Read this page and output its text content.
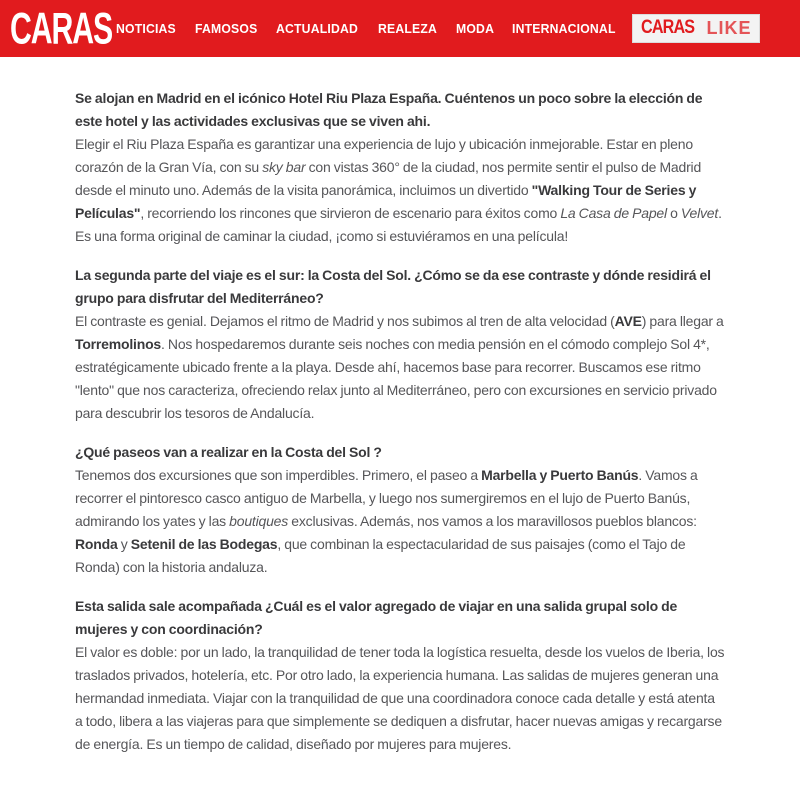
CARAS NOTICIAS FAMOSOS ACTUALIDAD REALEZA MODA INTERNACIONAL CARAS LIKE

Se alojan en Madrid en el icónico Hotel Riu Plaza España. Cuéntenos un poco sobre la elección de este hotel y las actividades exclusivas que se viven ahi.

Elegir el Riu Plaza España es garantizar una experiencia de lujo y ubicación inmejorable. Estar en pleno corazón de la Gran Vía, con su sky bar con vistas 360° de la ciudad, nos permite sentir el pulso de Madrid desde el minuto uno. Además de la visita panorámica, incluimos un divertido "Walking Tour de Series y Películas", recorriendo los rincones que sirvieron de escenario para éxitos como La Casa de Papel o Velvet. Es una forma original de caminar la ciudad, ¡como si estuviéramos en una película!

La segunda parte del viaje es el sur: la Costa del Sol. ¿Cómo se da ese contraste y dónde residirá el grupo para disfrutar del Mediterráneo?

El contraste es genial. Dejamos el ritmo de Madrid y nos subimos al tren de alta velocidad (AVE) para llegar a Torremolinos. Nos hospedaremos durante seis noches con media pensión en el cómodo complejo Sol 4*, estratégicamente ubicado frente a la playa. Desde ahí, hacemos base para recorrer. Buscamos ese ritmo "lento" que nos caracteriza, ofreciendo relax junto al Mediterráneo, pero con excursiones en servicio privado para descubrir los tesoros de Andalucía.

¿Qué paseos van a realizar en la Costa del Sol ?

Tenemos dos excursiones que son imperdibles. Primero, el paseo a Marbella y Puerto Banús. Vamos a recorrer el pintoresco casco antiguo de Marbella, y luego nos sumergiremos en el lujo de Puerto Banús, admirando los yates y las boutiques exclusivas. Además, nos vamos a los maravillosos pueblos blancos: Ronda y Setenil de las Bodegas, que combinan la espectacularidad de sus paisajes (como el Tajo de Ronda) con la historia andaluza.

Esta salida sale acompañada ¿Cuál es el valor agregado de viajar en una salida grupal solo de mujeres y con coordinación?

El valor es doble: por un lado, la tranquilidad de tener toda la logística resuelta, desde los vuelos de Iberia, los traslados privados, hotelería, etc. Por otro lado, la experiencia humana. Las salidas de mujeres generan una hermandad inmediata. Viajar con la tranquilidad de que una coordinadora conoce cada detalle y está atenta a todo, libera a las viajeras para que simplemente se dediquen a disfrutar, hacer nuevas amigas y recargarse de energía. Es un tiempo de calidad, diseñado por mujeres para mujeres.
